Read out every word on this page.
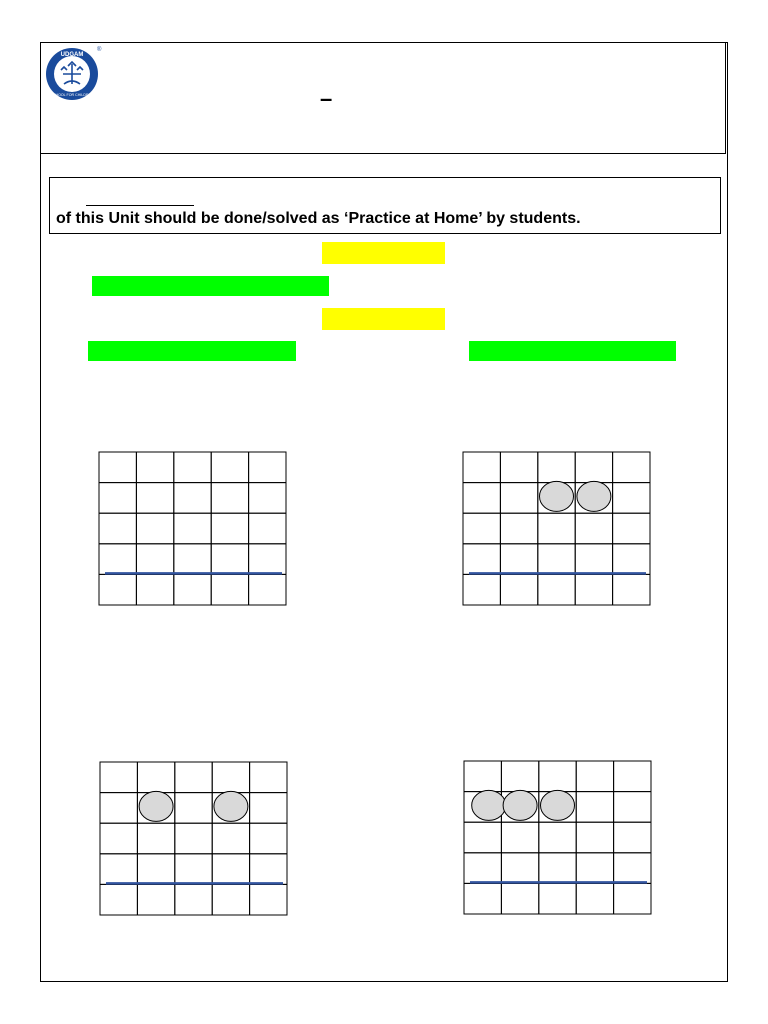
UDGAM
SCHOOL FOR CHILDREN
®
–
of this Unit should be done/solved as ‘Practice at Home’ by students.
